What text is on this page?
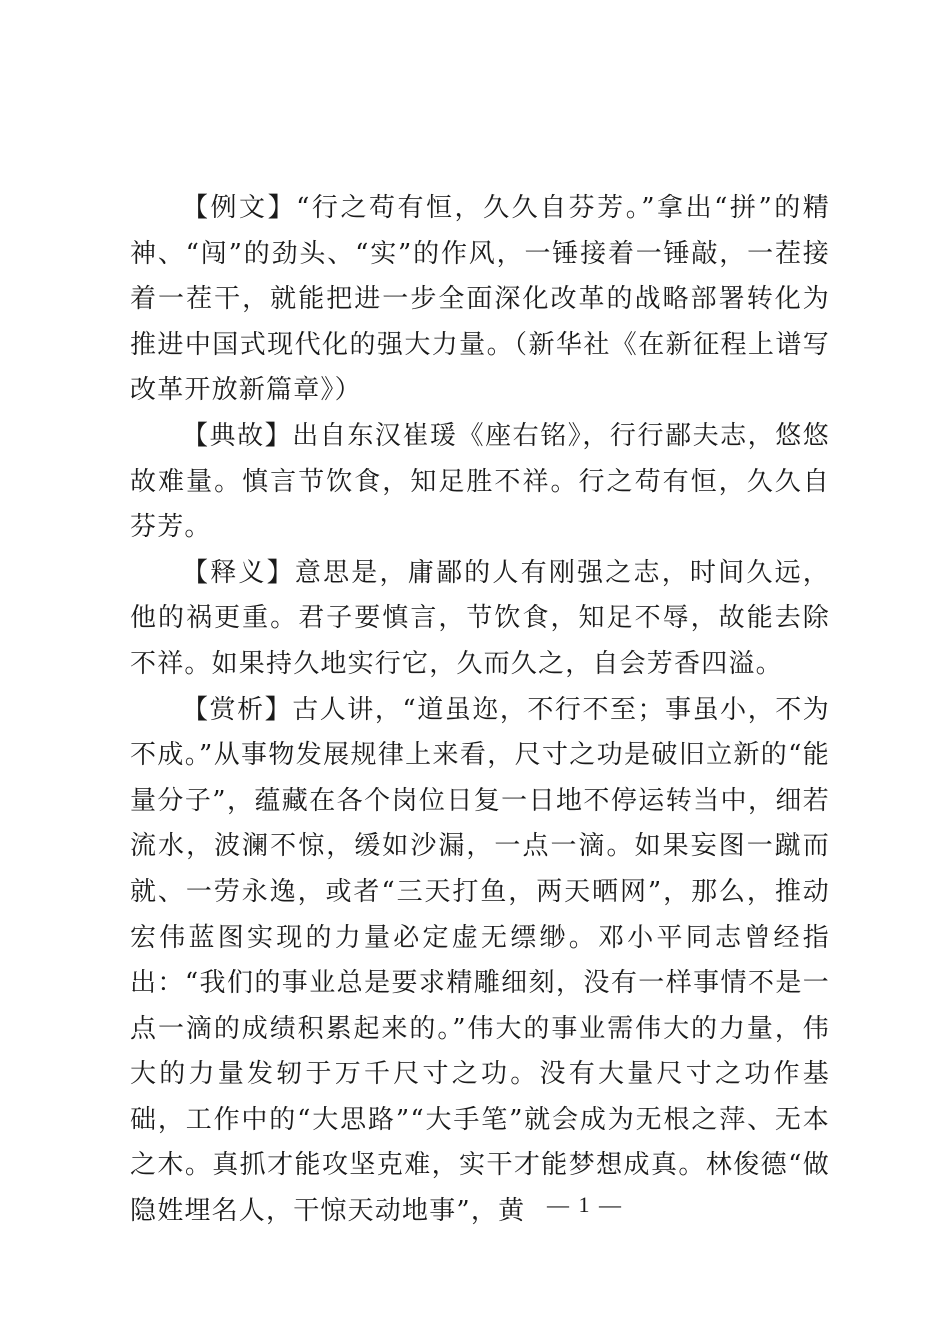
【例文】“行之苟有恒，久久自芬芳。”拿出“拼”的精神、“闯”的劲头、“实”的作风，一锤接着一锤敲，一茬接着一茬干，就能把进一步全面深化改革的战略部署转化为推进中国式现代化的强大力量。（新华社《在新征程上谱写改革开放新篇章》）

【典故】出自东汉崔瑗《座右铭》，行行鄙夫志，悠悠故难量。慎言节饮食，知足胜不祥。行之苟有恒，久久自芬芳。

【释义】意思是，庸鄙的人有刚强之志，时间久远，他的祸更重。君子要慎言，节饮食，知足不辱，故能去除不祥。如果持久地实行它，久而久之，自会芳香四溢。

【赏析】古人讲，“道虽迩，不行不至；事虽小，不为不成。”从事物发展规律上来看，尺寸之功是破旧立新的“能量分子”，蕴藏在各个岗位日复一日地不停运转当中，细若流水，波澜不惊，缓如沙漏，一点一滴。如果妄图一蹴而就、一劳永逸，或者“三天打鱼，两天晒网”，那么，推动宏伟蓝图实现的力量必定虚无缥缈。邓小平同志曾经指出：“我们的事业总是要求精雕细刻，没有一样事情不是一点一滴的成绩积累起来的。”伟大的事业需伟大的力量，伟大的力量发轫于万千尺寸之功。没有大量尺寸之功作基础，工作中的“大思路”“大手笔”就会成为无根之萍、无本之木。真抓才能攻坚克难，实干才能梦想成真。林俊德“做隐姓埋名人，干惊天动地事”，黄 — 1 —
